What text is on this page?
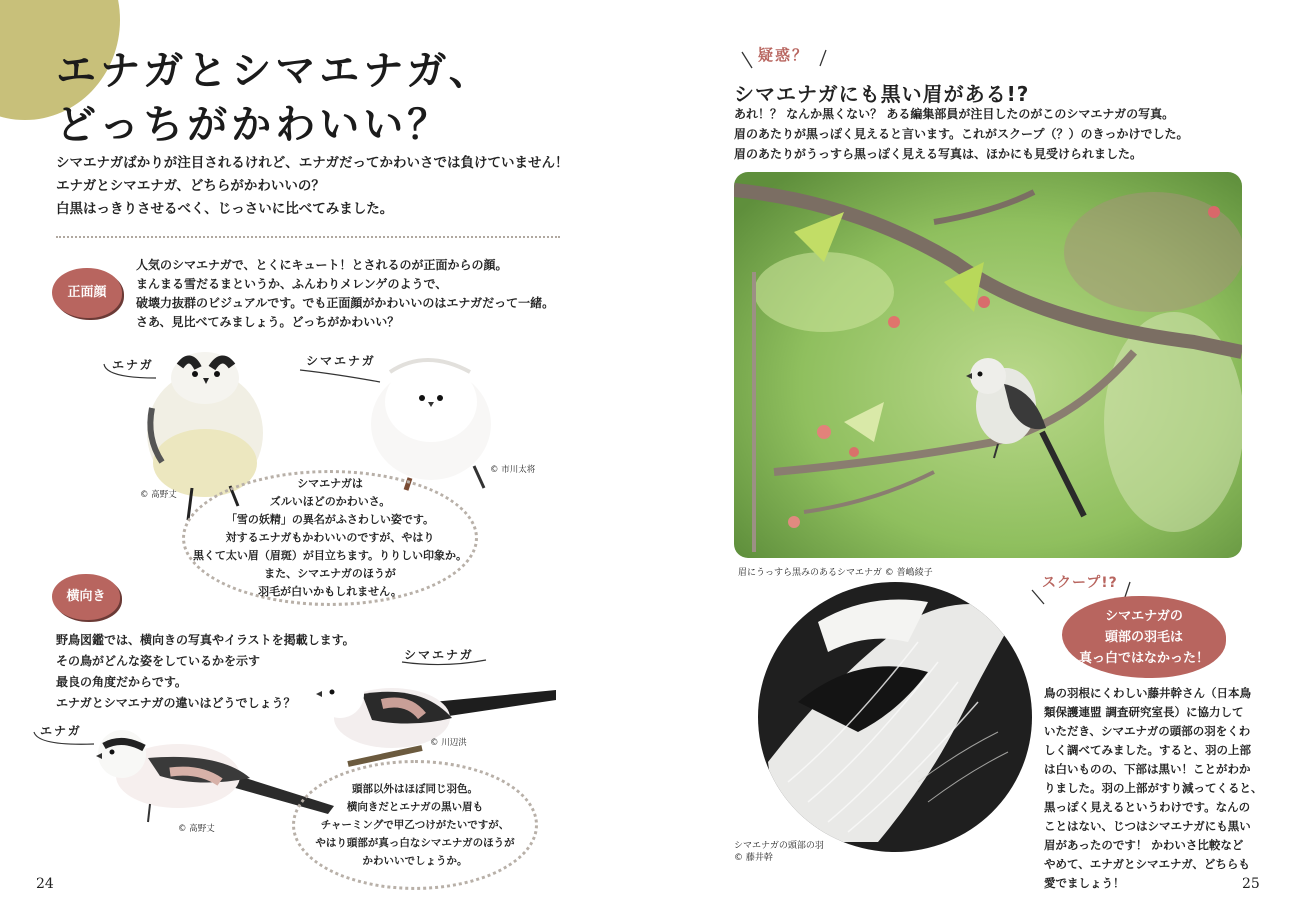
エナガとシマエナガ、
どっちがかわいい？
シマエナガばかりが注目されるけれど、エナガだってかわいさでは負けていません！
エナガとシマエナガ、どちらがかわいいの？
白黒はっきりさせるべく、じっさいに比べてみました。
正面顔
人気のシマエナガで、とくにキュート！とされるのが正面からの顔。
まんまる雪だるまというか、ふんわりメレンゲのようで、
破壊力抜群のビジュアルです。でも正面顔がかわいいのはエナガだって一緒。
さあ、見比べてみましょう。どっちがかわいい？
エナガ
© 髙野丈
シマエナガ
© 市川太将
シマエナガは
ズルいほどのかわいさ。
「雪の妖精」の異名がふさわしい姿です。
対するエナガもかわいいのですが、やはり
黒くて太い眉（眉斑）が目立ちます。りりしい印象か。
また、シマエナガのほうが
羽毛が白いかもしれません。
横向き
野鳥図鑑では、横向きの写真やイラストを掲載します。
その鳥がどんな姿をしているかを示す
最良の角度だからです。
エナガとシマエナガの違いはどうでしょう？
シマエナガ
© 川辺洪
エナガ
© 髙野丈
頭部以外はほぼ同じ羽色。
横向きだとエナガの黒い眉も
チャーミングで甲乙つけがたいですが、
やはり頭部が真っ白なシマエナガのほうが
かわいいでしょうか。
24
疑惑？
シマエナガにも黒い眉がある!?
あれ！？ なんか黒くない？ ある編集部員が注目したのがこのシマエナガの写真。
眉のあたりが黒っぽく見えると言います。これがスクープ（？）のきっかけでした。
眉のあたりがうっすら黒っぽく見える写真は、ほかにも見受けられました。
眉にうっすら黒みのあるシマエナガ © 普嶋綾子
スクープ!?
シマエナガの
頭部の羽毛は
真っ白ではなかった！
シマエナガの頭部の羽
© 藤井幹
鳥の羽根にくわしい藤井幹さん（日本鳥
類保護連盟 調査研究室長）に協力して
いただき、シマエナガの頭部の羽をくわ
しく調べてみました。すると、羽の上部
は白いものの、下部は黒い！ことがわか
りました。羽の上部がすり減ってくると、
黒っぽく見えるというわけです。なんの
ことはない、じつはシマエナガにも黒い
眉があったのです！ かわいさ比較など
やめて、エナガとシマエナガ、どちらも
愛でましょう！	25
